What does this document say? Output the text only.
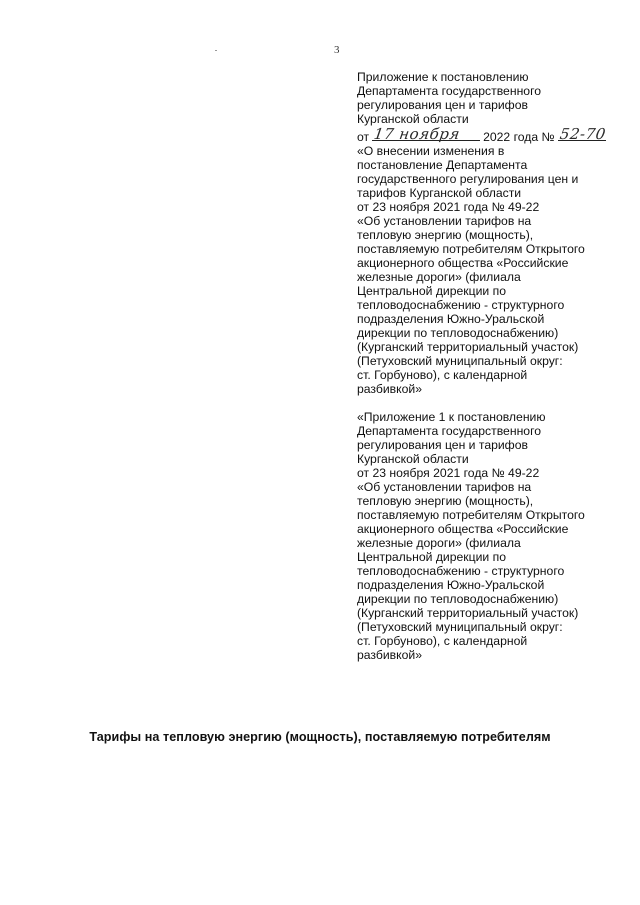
3

Приложение к постановлению
Департамента государственного
регулирования цен и тарифов
Курганской области

от 17 ноября 2022 года № 52-70

«О внесении изменения в
постановление Департамента
государственного регулирования цен и
тарифов Курганской области
от 23 ноября 2021 года № 49-22
«Об установлении тарифов на
тепловую энергию (мощность),
поставляемую потребителям Открытого
акционерного общества «Российские
железные дороги» (филиала
Центральной дирекции по
тепловодоснабжению - структурного
подразделения Южно-Уральской
дирекции по тепловодоснабжению)
(Курганский территориальный участок)
(Петуховский муниципальный округ:
ст. Горбуново), с календарной
разбивкой»

«Приложение 1 к постановлению
Департамента государственного
регулирования цен и тарифов
Курганской области
от 23 ноября 2021 года № 49-22
«Об установлении тарифов на
тепловую энергию (мощность),
поставляемую потребителям Открытого
акционерного общества «Российские
железные дороги» (филиала
Центральной дирекции по
тепловодоснабжению - структурного
подразделения Южно-Уральской
дирекции по тепловодоснабжению)
(Курганский территориальный участок)
(Петуховский муниципальный округ:
ст. Горбуново), с календарной
разбивкой»

Тарифы на тепловую энергию (мощность), поставляемую потребителям
